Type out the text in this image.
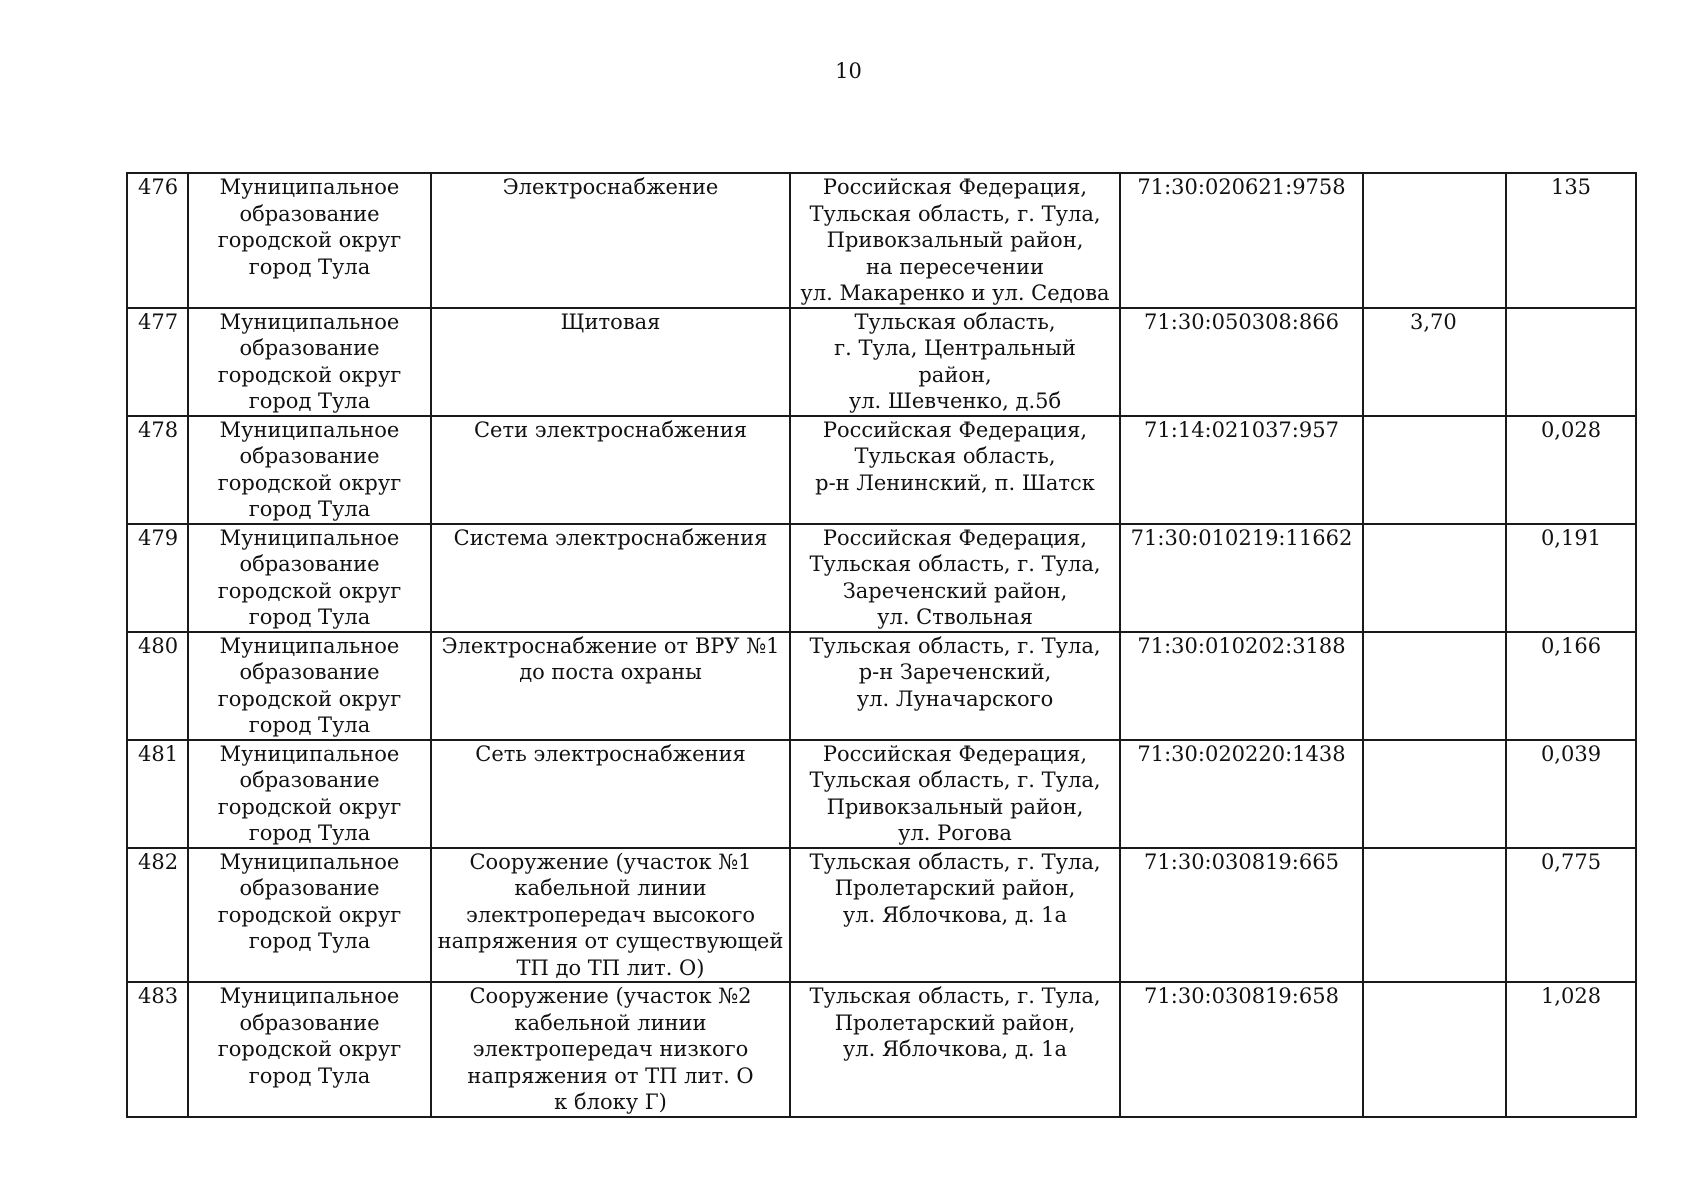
10
476	Муниципальное
образование
городской округ
город Тула	Электроснабжение	Российская Федерация,
Тульская область, г. Тула,
Привокзальный район,
на пересечении
ул. Макаренко и ул. Седова	71:30:020621:9758		135
477	Муниципальное
образование
городской округ
город Тула	Щитовая	Тульская область,
г. Тула, Центральный район,
ул. Шевченко, д.5б	71:30:050308:866	3,70	
478	Муниципальное
образование
городской округ
город Тула	Сети электроснабжения	Российская Федерация,
Тульская область,
р-н Ленинский, п. Шатск	71:14:021037:957		0,028
479	Муниципальное
образование
городской округ
город Тула	Система электроснабжения	Российская Федерация,
Тульская область, г. Тула,
Зареченский район,
ул. Ствольная	71:30:010219:11662		0,191
480	Муниципальное
образование
городской округ
город Тула	Электроснабжение от ВРУ №1
до поста охраны	Тульская область, г. Тула,
р-н Зареченский,
ул. Луначарского	71:30:010202:3188		0,166
481	Муниципальное
образование
городской округ
город Тула	Сеть электроснабжения	Российская Федерация,
Тульская область, г. Тула,
Привокзальный район,
ул. Рогова	71:30:020220:1438		0,039
482	Муниципальное
образование
городской округ
город Тула	Сооружение (участок №1
кабельной линии
электропередач высокого
напряжения от существующей
ТП до ТП лит. О)	Тульская область, г. Тула,
Пролетарский район,
ул. Яблочкова, д. 1а	71:30:030819:665		0,775
483	Муниципальное
образование
городской округ
город Тула	Сооружение (участок №2
кабельной линии
электропередач низкого
напряжения от ТП лит. О
к блоку Г)	Тульская область, г. Тула,
Пролетарский район,
ул. Яблочкова, д. 1а	71:30:030819:658		1,028
